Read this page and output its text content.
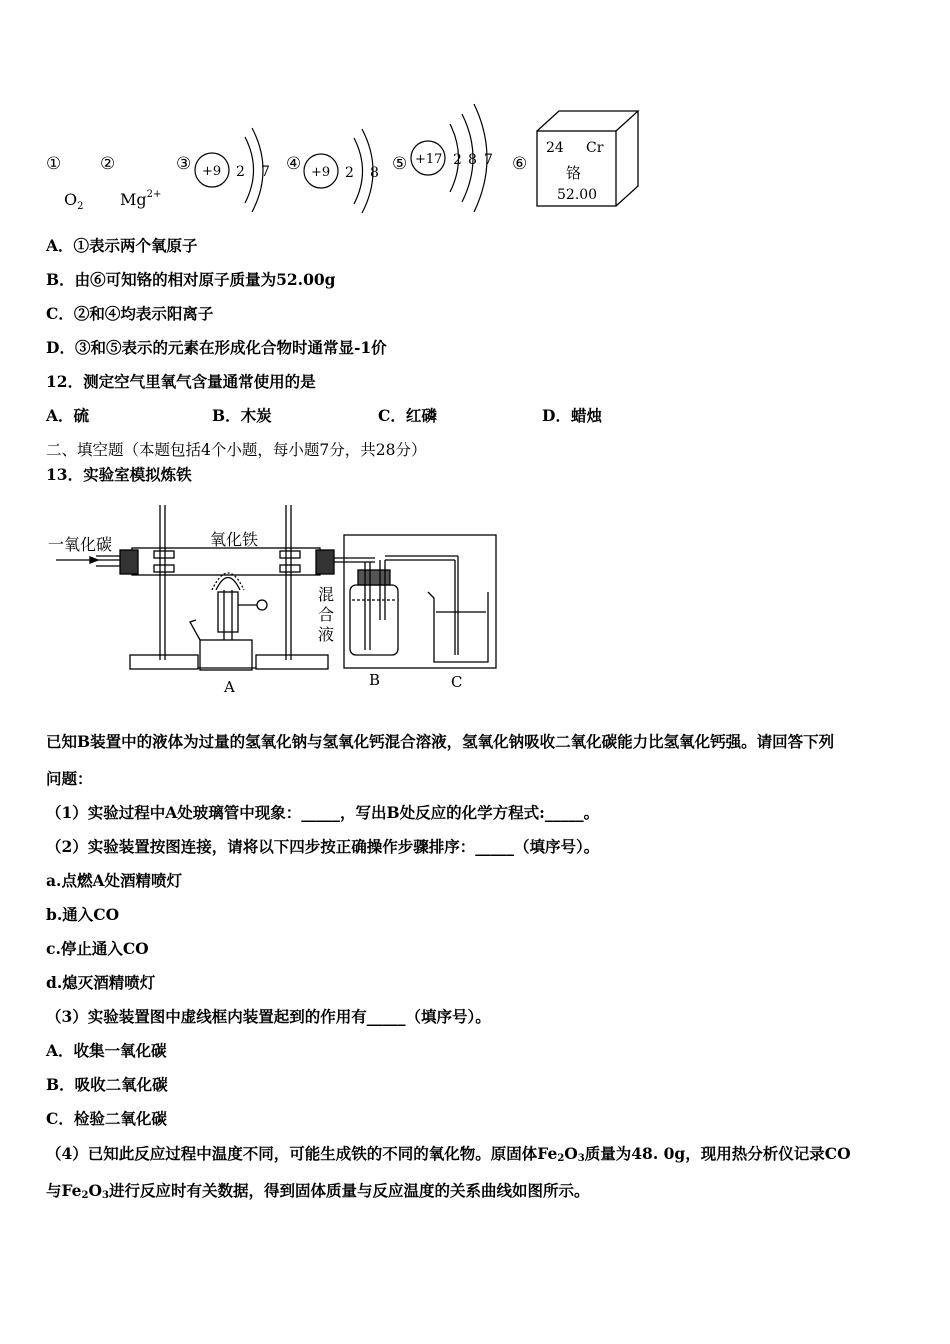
① ②	③	④	⑤	⑥
$O_2$ $Mg^{2+}$
+9 2 7	+9 2 8
+17 2 8 7
24 Cr
铬
52.00
A．①表示两个氧原子
B．由⑥可知铬的相对原子质量为52.00g
C．②和④均表示阳离子
D．③和⑤表示的元素在形成化合物时通常显-1价
12．测定空气里氧气含量通常使用的是
A．硫	B．木炭	C．红磷	D．蜡烛
二、填空题（本题包括4个小题，每小题7分，共28分）
13．实验室模拟炼铁
一氧化碳	氧化铁
混
合
液
A	B	C
已知B装置中的液体为过量的氢氧化钠与氢氧化钙混合溶液，氢氧化钠吸收二氧化碳能力比氢氧化钙强。请回答下列
问题：
（1）实验过程中A处玻璃管中现象：_____，写出B处反应的化学方程式:_____。
（2）实验装置按图连接，请将以下四步按正确操作步骤排序：_____（填序号）。
a.点燃A处酒精喷灯
b.通入CO
c.停止通入CO
d.熄灭酒精喷灯
（3）实验装置图中虚线框内装置起到的作用有_____（填序号）。
A．收集一氧化碳
B．吸收二氧化碳
C．检验二氧化碳
（4）已知此反应过程中温度不同，可能生成铁的不同的氧化物。原固体$Fe_2O_3$质量为48. 0g，现用热分析仪记录CO
与$Fe_2O_3$进行反应时有关数据，得到固体质量与反应温度的关系曲线如图所示。
